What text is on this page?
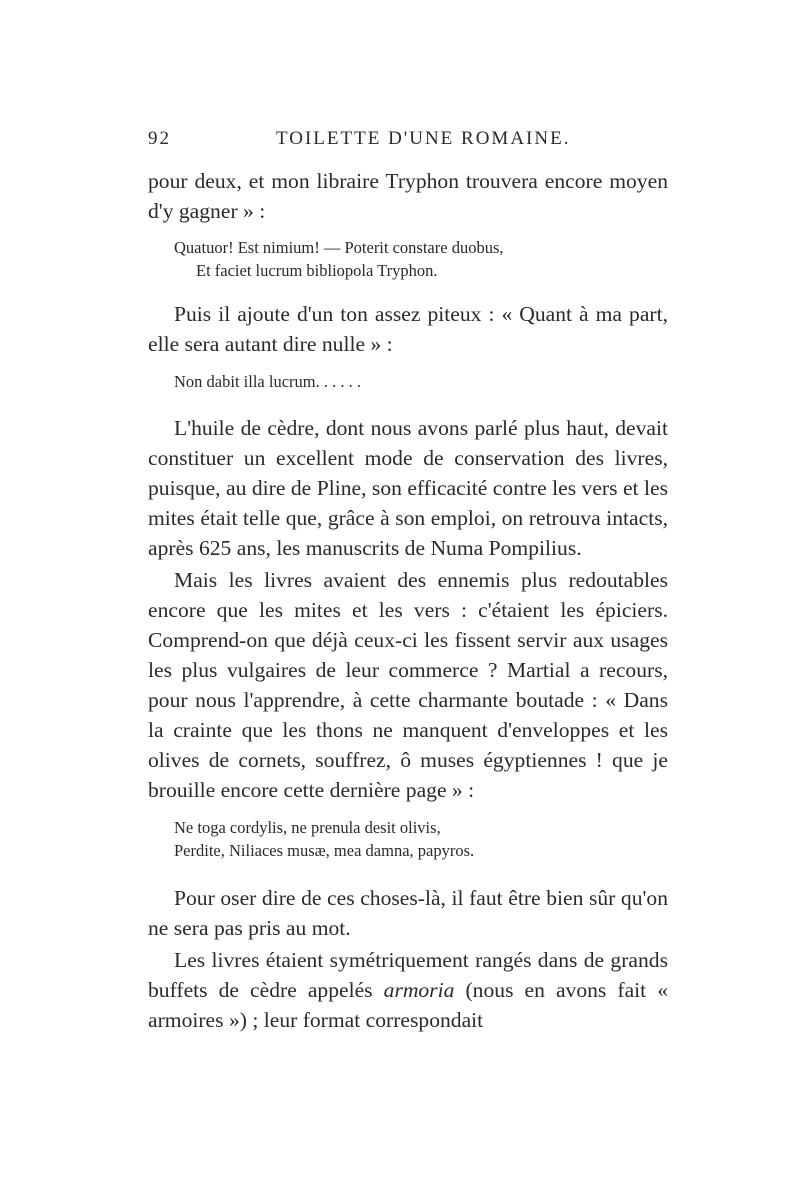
92	TOILETTE D'UNE ROMAINE.

pour deux, et mon libraire Tryphon trouvera encore moyen d'y gagner » :

Quatuor! Est nimium! — Poterit constare duobus,
Et faciet lucrum bibliopola Tryphon.

Puis il ajoute d'un ton assez piteux : « Quant à ma part, elle sera autant dire nulle » :

Non dabit illa lucrum. . . . . .

L'huile de cèdre, dont nous avons parlé plus haut, devait constituer un excellent mode de conservation des livres, puisque, au dire de Pline, son efficacité contre les vers et les mites était telle que, grâce à son emploi, on retrouva intacts, après 625 ans, les manuscrits de Numa Pompilius.

Mais les livres avaient des ennemis plus redoutables encore que les mites et les vers : c'étaient les épiciers. Comprend-on que déjà ceux-ci les fissent servir aux usages les plus vulgaires de leur commerce ? Martial a recours, pour nous l'apprendre, à cette charmante boutade : « Dans la crainte que les thons ne manquent d'enveloppes et les olives de cornets, souffrez, ô muses égyptiennes ! que je brouille encore cette dernière page » :

Ne toga cordylis, ne prenula desit olivis,
Perdite, Niliaces musæ, mea damna, papyros.

Pour oser dire de ces choses-là, il faut être bien sûr qu'on ne sera pas pris au mot.

Les livres étaient symétriquement rangés dans de grands buffets de cèdre appelés armoria (nous en avons fait « armoires ») ; leur format correspondait
